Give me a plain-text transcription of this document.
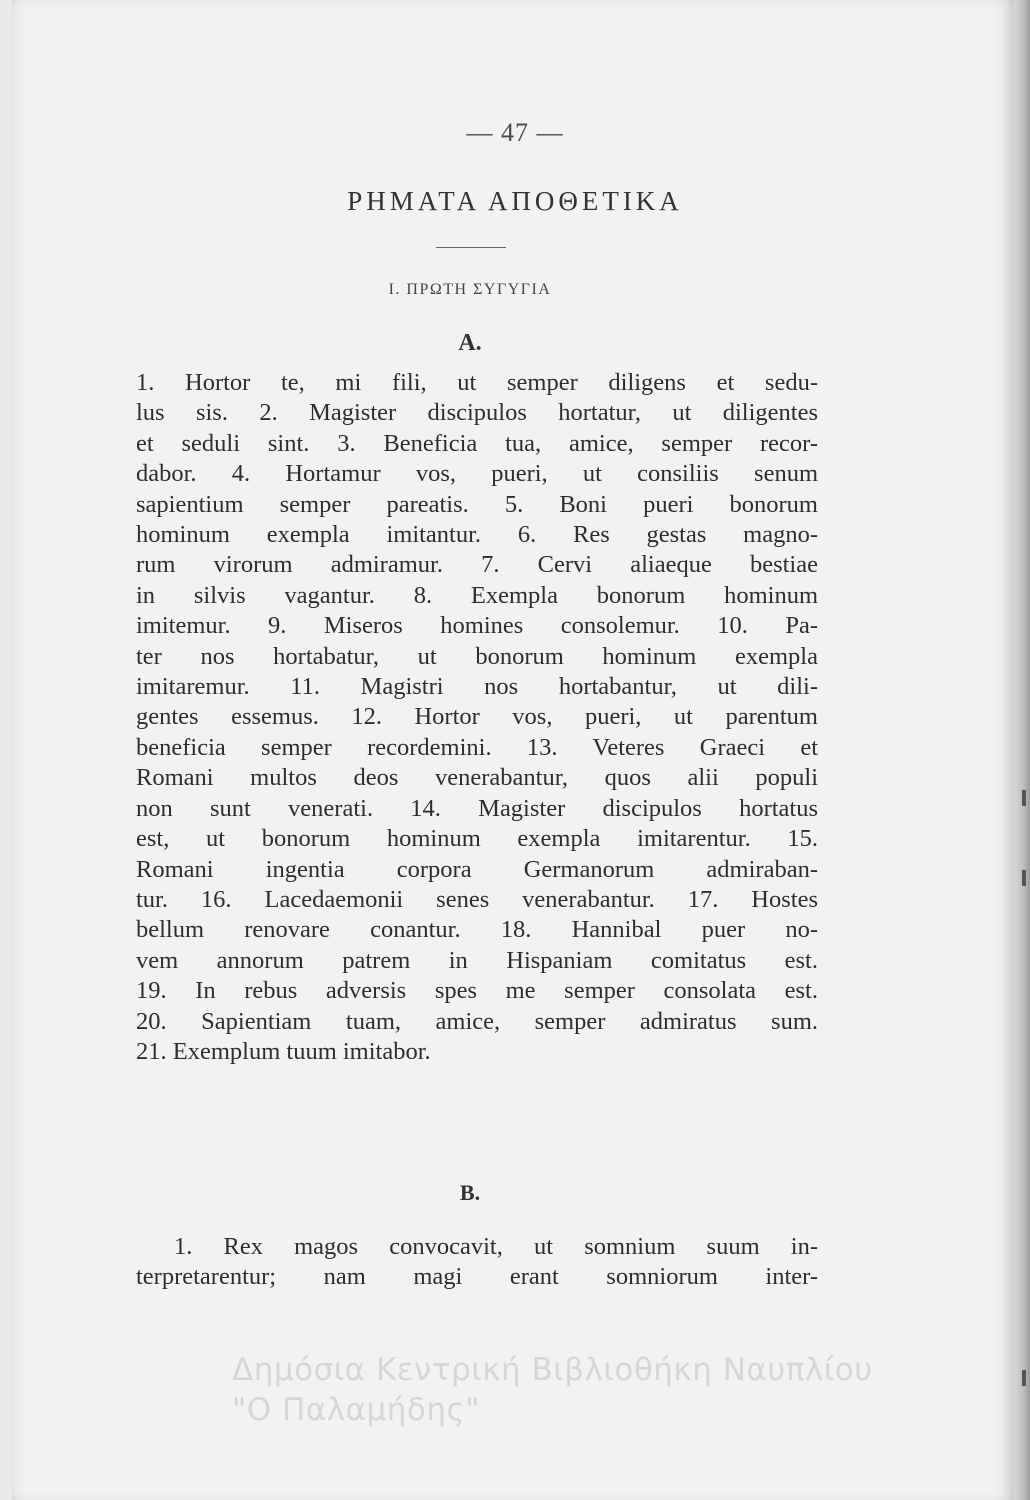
— 47 —
ΡΗΜΑΤΑ ΑΠΟΘΕΤΙΚΑ
Ι. ΠΡΩΤΗ ΣΥΓΥΓΙΑ
A.
1. Hortor te, mi fili, ut semper diligens et sedu-
lus sis. 2. Magister discipulos hortatur, ut diligentes
et seduli sint. 3. Beneficia tua, amice, semper recor-
dabor. 4. Hortamur vos, pueri, ut consiliis senum
sapientium semper pareatis. 5. Boni pueri bonorum
hominum exempla imitantur. 6. Res gestas magno-
rum virorum admiramur. 7. Cervi aliaeque bestiae
in silvis vagantur. 8. Exempla bonorum hominum
imitemur. 9. Miseros homines consolemur. 10. Pa-
ter nos hortabatur, ut bonorum hominum exempla
imitaremur. 11. Magistri nos hortabantur, ut dili-
gentes essemus. 12. Hortor vos, pueri, ut parentum
beneficia semper recordemini. 13. Veteres Graeci et
Romani multos deos venerabantur, quos alii populi
non sunt venerati. 14. Magister discipulos hortatus
est, ut bonorum hominum exempla imitarentur. 15.
Romani ingentia corpora Germanorum admiraban-
tur. 16. Lacedaemonii senes venerabantur. 17. Hostes
bellum renovare conantur. 18. Hannibal puer no-
vem annorum patrem in Hispaniam comitatus est.
19. In rebus adversis spes me semper consolata est.
20. Sapientiam tuam, amice, semper admiratus sum.
21. Exemplum tuum imitabor.
B.
1. Rex magos convocavit, ut somnium suum in-
terpretarentur; nam magi erant somniorum inter-
Δημόσια Κεντρική Βιβλιοθήκη Ναυπλίου
"Ο Παλαμήδης"
